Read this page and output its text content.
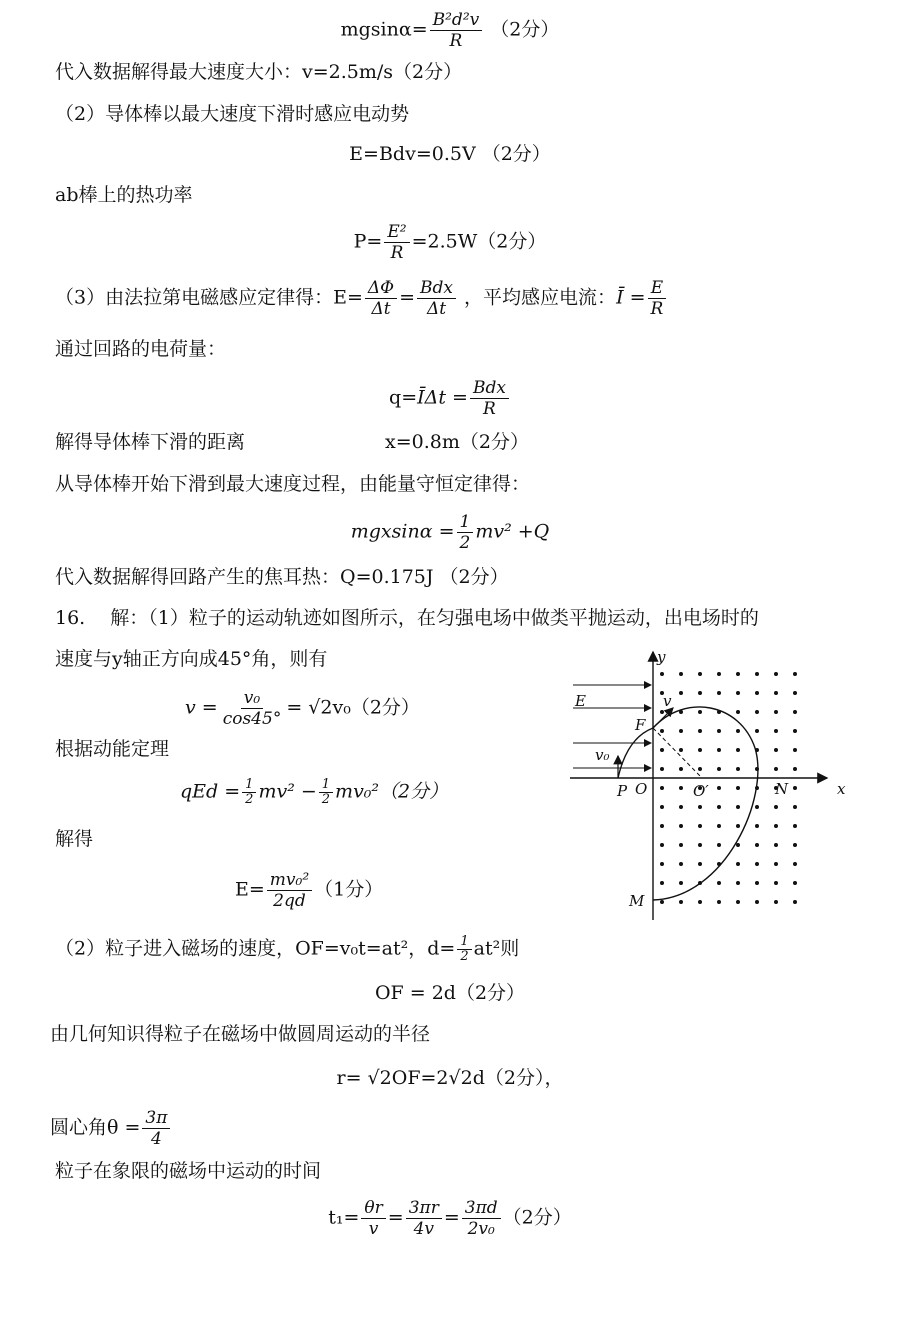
$mgsin\alpha= \frac{\text{B²d²v}}{R} (2$分）
代入数据解得最大速度大小：v=2.5m/s（2分）
（2）导体棒以最大速度下滑时感应电动势
E=Bdv=0.5V （2分）
ab棒上的热功率
$P= \frac{\text{E²}}{R} =2.5W(2$分）
（3）由法拉第电磁感应定律得：$E= \frac{\Delta\Phi}{\Delta t} = \frac{\text{Bdx}}{\Delta t}$ ，平均感应电流：Ī = $\frac{E}{R}$
通过回路的电荷量：
q=ĪΔt = $\frac{\text{Bdx}}{R}$
解得导体棒下滑的距离	x=0.8m（2分）
从导体棒开始下滑到最大速度过程，由能量守恒定律得：
$mgxsin\alpha = \frac{1}{2} mv^2 +Q$
代入数据解得回路产生的焦耳热：Q=0.175J （2分）
16.　 解：（1）粒子的运动轨迹如图所示，在匀强电场中做类平抛运动，出电场时的
速度与y轴正方向成45°角，则有
$v = \frac{\text{v₀}}{\cos 45^\circ} = √2v_0(2$分）
根据动能定理
qEd = $\frac{1}{2} mv^2 - \frac{1}{2} mv_0^2(2$分）
解得
$E= \frac{\text{mv₀²}}{2qd} (1$分）
（2）粒子进入磁场的速度，OF=v₀t=at²，$d= \frac{1}{2} at^2$则
OF = 2d（2分）
由几何知识得粒子在磁场中做圆周运动的半径
r= √2OF=2√2d（2分），
圆心角$\theta = \frac{3\pi}{4}$
粒子在象限的磁场中运动的时间
$t_1= \frac{\theta r}{v} = \frac{3\pi r}{4v} = \frac{3\pi d}{\text{2v₀}} (2$分）
y
x
E
F
v
v₀
P O	O′	N
M
